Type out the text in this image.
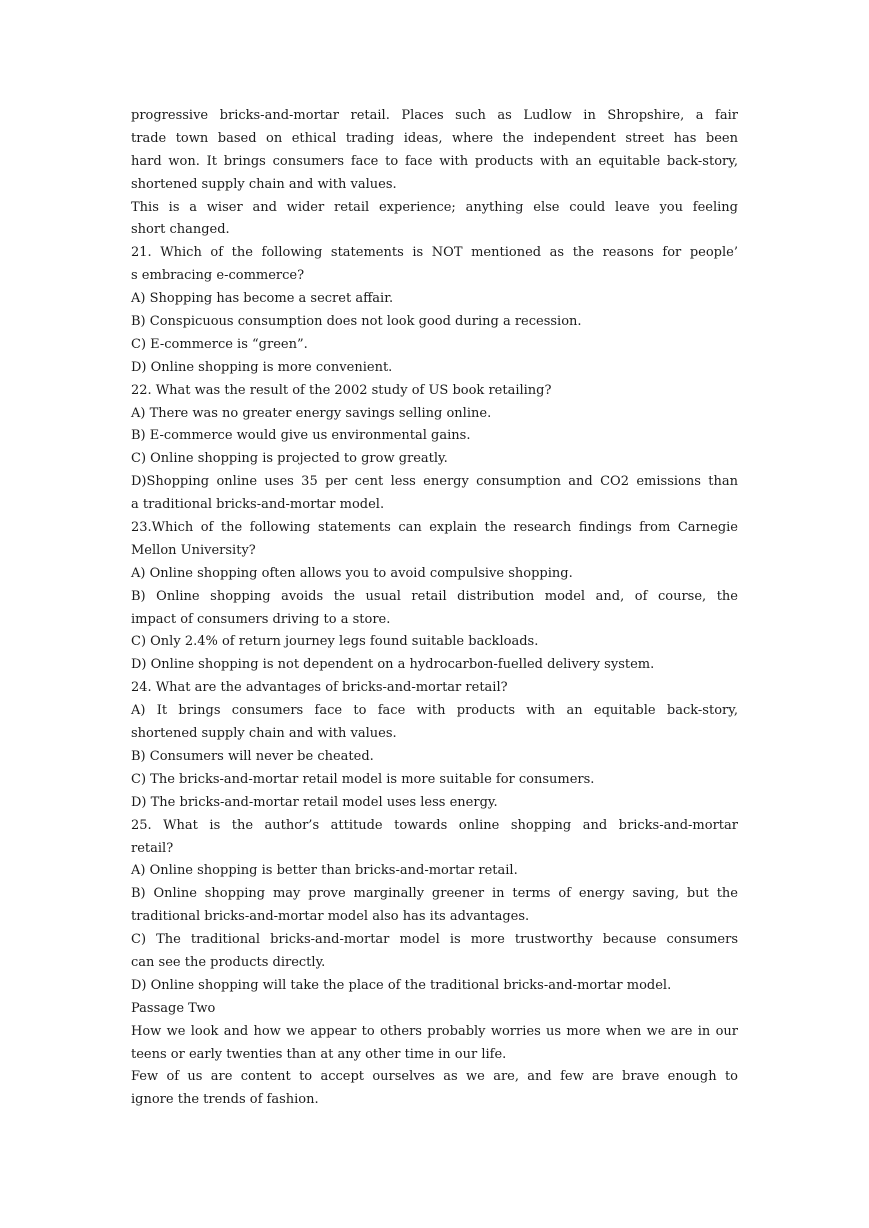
progressive bricks-and-mortar retail. Places such as Ludlow in Shropshire, a fair
trade town based on ethical trading ideas, where the independent street has been
hard won. It brings consumers face to face with products with an equitable back-story,
shortened supply chain and with values.
This is a wiser and wider retail experience; anything else could leave you feeling
short changed.
21. Which of the following statements is NOT mentioned as the reasons for people’
s embracing e-commerce?
A) Shopping has become a secret affair.
B) Conspicuous consumption does not look good during a recession.
C) E-commerce is “green”.
D) Online shopping is more convenient.
22. What was the result of the 2002 study of US book retailing?
A) There was no greater energy savings selling online.
B) E-commerce would give us environmental gains.
C) Online shopping is projected to grow greatly.
D)Shopping online uses 35 per cent less energy consumption and CO2 emissions than
a traditional bricks-and-mortar model.
23.Which of the following statements can explain the research findings from Carnegie
Mellon University?
A) Online shopping often allows you to avoid compulsive shopping.
B) Online shopping avoids the usual retail distribution model and, of course, the
impact of consumers driving to a store.
C) Only 2.4% of return journey legs found suitable backloads.
D) Online shopping is not dependent on a hydrocarbon-fuelled delivery system.
24. What are the advantages of bricks-and-mortar retail?
A) It brings consumers face to face with products with an equitable back-story,
shortened supply chain and with values.
B) Consumers will never be cheated.
C) The bricks-and-mortar retail model is more suitable for consumers.
D) The bricks-and-mortar retail model uses less energy.
25. What is the author’s attitude towards online shopping and bricks-and-mortar
retail?
A) Online shopping is better than bricks-and-mortar retail.
B) Online shopping may prove marginally greener in terms of energy saving, but the
traditional bricks-and-mortar model also has its advantages.
C) The traditional bricks-and-mortar model is more trustworthy because consumers
can see the products directly.
D) Online shopping will take the place of the traditional bricks-and-mortar model.
Passage Two
How we look and how we appear to others probably worries us more when we are in our
teens or early twenties than at any other time in our life.
Few of us are content to accept ourselves as we are, and few are brave enough to
ignore the trends of fashion.
